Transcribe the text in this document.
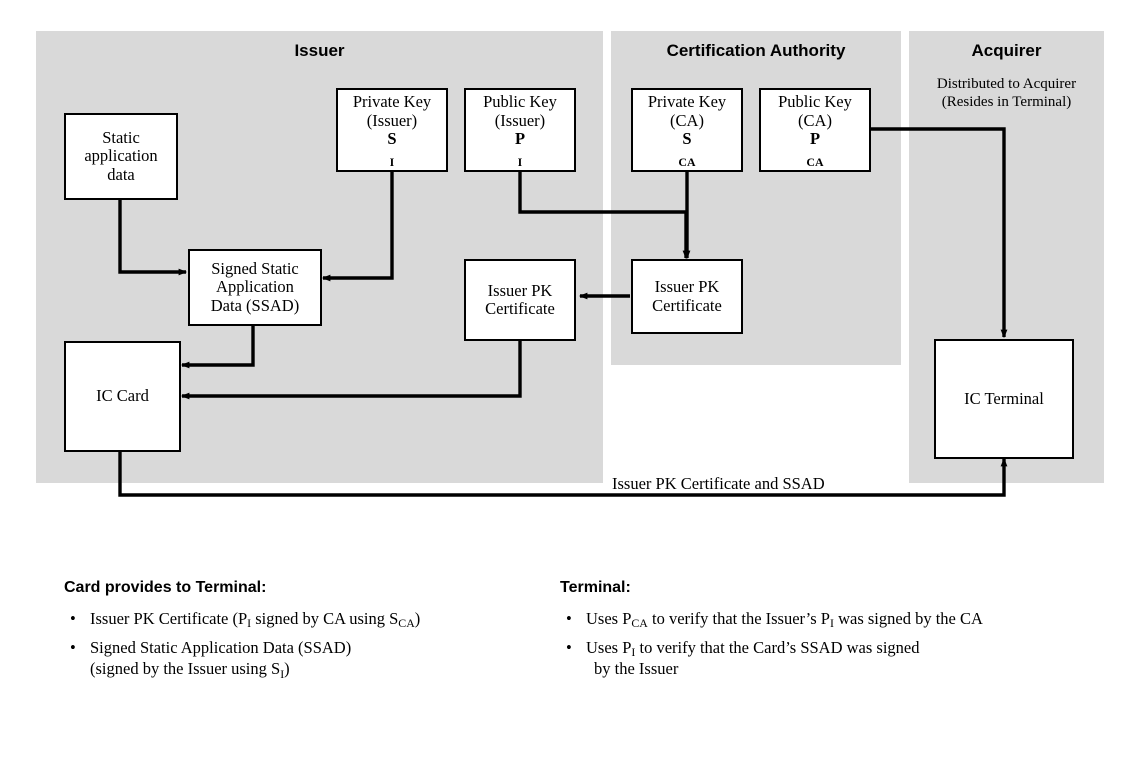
Issuer	Certification Authority	Acquirer
Distributed to Acquirer
(Resides in Terminal)
Static
application
data
Private Key
(Issuer)
S
$_I$
Public Key
(Issuer)
P
$_I$
Private Key
(CA)
S
$_{CA}$
Public Key
(CA)
P
$_{CA}$
Signed Static
Application
Data (SSAD)
Issuer PK
Certificate
Issuer PK
Certificate
IC Card	IC Terminal
Issuer PK Certificate and SSAD
Card provides to Terminal:
• Issuer PK Certificate ($P_I$ signed by CA using $S_{CA}$)
• Signed Static Application Data (SSAD)
(signed by the Issuer using $S_I$)
Terminal:
• Uses $P_{CA}$ to verify that the Issuer’s $P_I$ was signed by the CA
• Uses $P_I$ to verify that the Card’s SSAD was signed
by the Issuer
